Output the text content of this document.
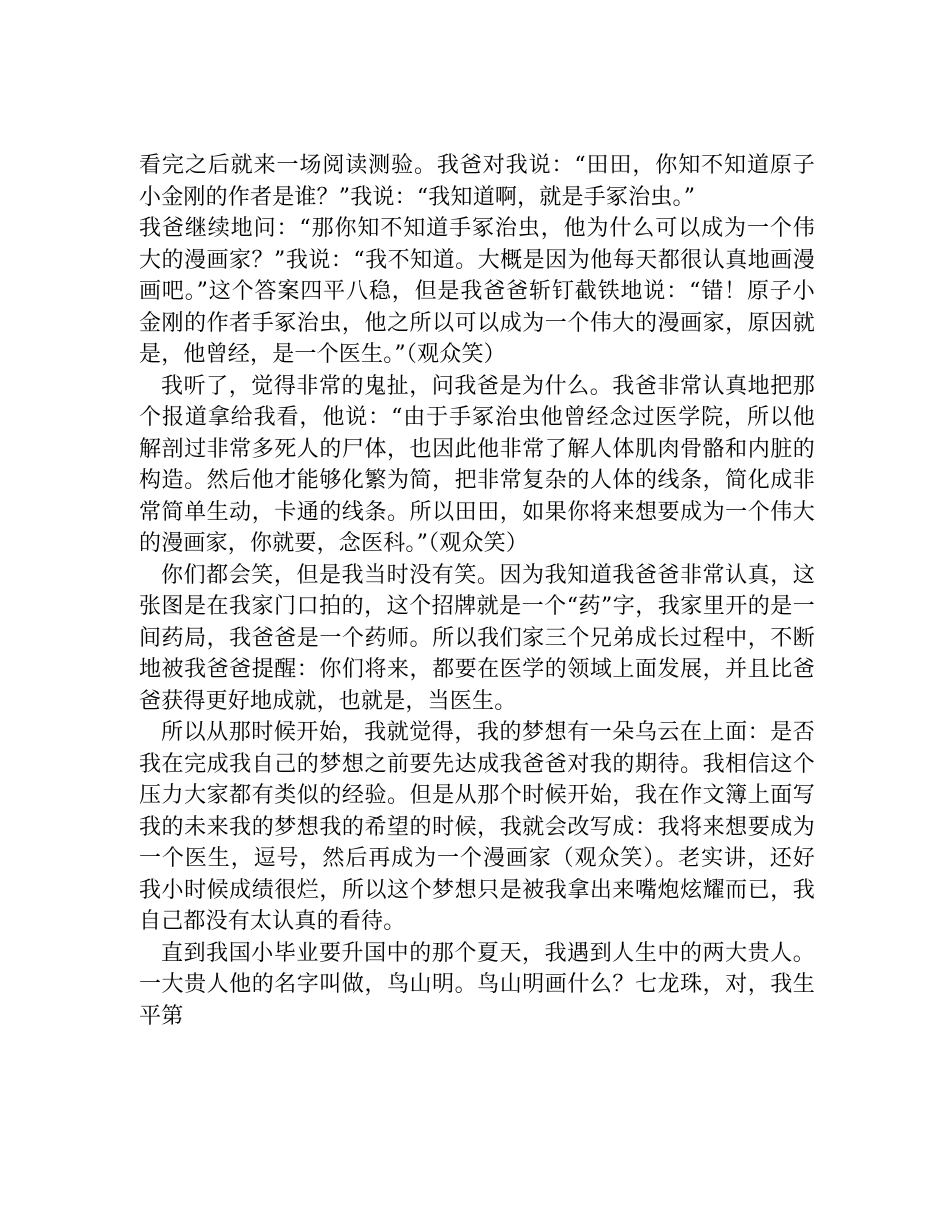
看完之后就来一场阅读测验。我爸对我说：“田田，你知不知道原子小金刚的作者是谁？”我说：“我知道啊，就是手冢治虫。”

我爸继续地问：“那你知不知道手冢治虫，他为什么可以成为一个伟大的漫画家？”我说：“我不知道。大概是因为他每天都很认真地画漫画吧。”这个答案四平八稳，但是我爸爸斩钉截铁地说：“错！原子小金刚的作者手冢治虫，他之所以可以成为一个伟大的漫画家，原因就是，他曾经，是一个医生。”（观众笑）

我听了，觉得非常的鬼扯，问我爸是为什么。我爸非常认真地把那个报道拿给我看，他说：“由于手冢治虫他曾经念过医学院，所以他解剖过非常多死人的尸体，也因此他非常了解人体肌肉骨骼和内脏的构造。然后他才能够化繁为简，把非常复杂的人体的线条，简化成非常简单生动，卡通的线条。所以田田，如果你将来想要成为一个伟大的漫画家，你就要，念医科。”（观众笑）

你们都会笑，但是我当时没有笑。因为我知道我爸爸非常认真，这张图是在我家门口拍的，这个招牌就是一个“药”字，我家里开的是一间药局，我爸爸是一个药师。所以我们家三个兄弟成长过程中，不断地被我爸爸提醒：你们将来，都要在医学的领域上面发展，并且比爸爸获得更好地成就，也就是，当医生。

所以从那时候开始，我就觉得，我的梦想有一朵乌云在上面：是否我在完成我自己的梦想之前要先达成我爸爸对我的期待。我相信这个压力大家都有类似的经验。但是从那个时候开始，我在作文簿上面写我的未来我的梦想我的希望的时候，我就会改写成：我将来想要成为一个医生，逗号，然后再成为一个漫画家（观众笑）。老实讲，还好我小时候成绩很烂，所以这个梦想只是被我拿出来嘴炮炫耀而已，我自己都没有太认真的看待。

直到我国小毕业要升国中的那个夏天，我遇到人生中的两大贵人。一大贵人他的名字叫做，鸟山明。鸟山明画什么？七龙珠，对，我生平第
